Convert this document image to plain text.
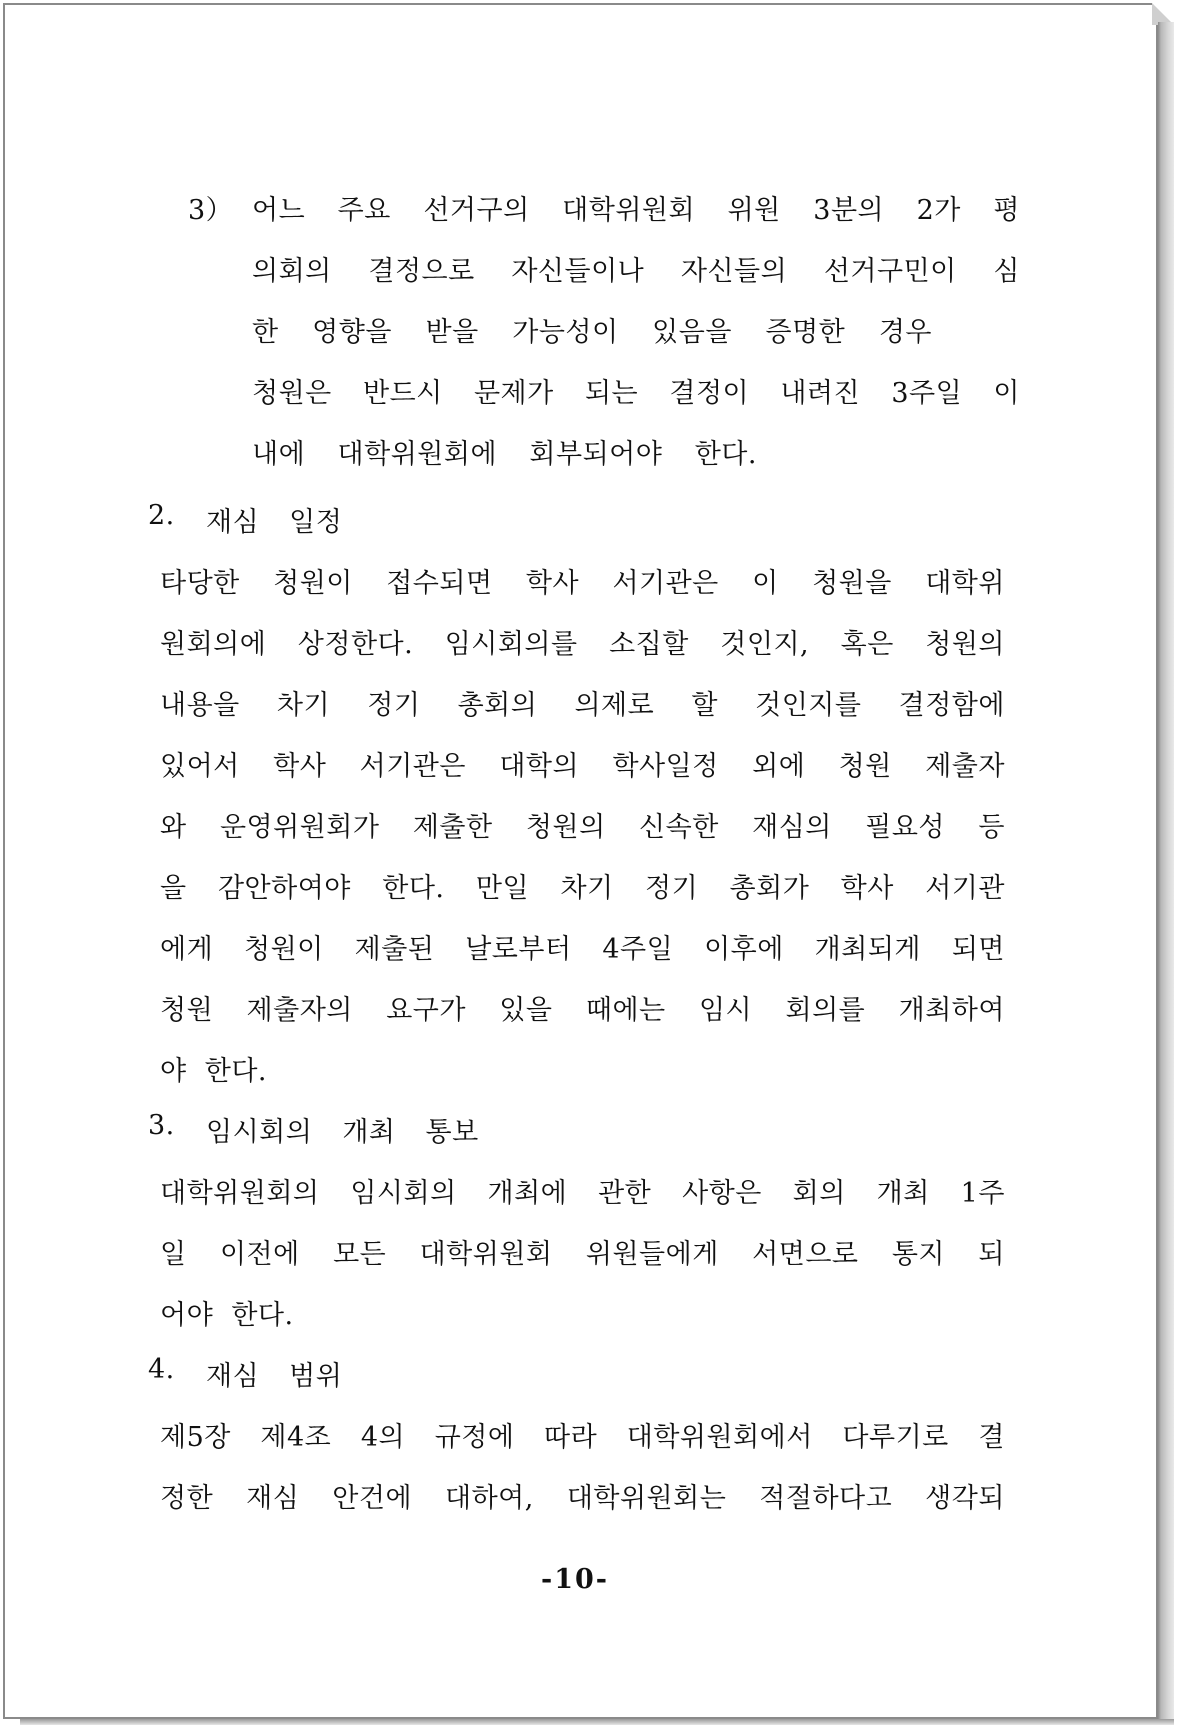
3） 어느 주요 선거구의 대학위원회 위원 3분의 2가 평
의회의 결정으로 자신들이나 자신들의 선거구민이 심
한 영향을 받을 가능성이 있음을 증명한 경우
청원은 반드시 문제가 되는 결정이 내려진 3주일 이
내에 대학위원회에 회부되어야 한다.
2.	재심 일정
타당한 청원이 접수되면 학사 서기관은 이 청원을 대학위
원회의에 상정한다. 임시회의를 소집할 것인지, 혹은 청원의
내용을 차기 정기 총회의 의제로 할 것인지를 결정함에
있어서 학사 서기관은 대학의 학사일정 외에 청원 제출자
와 운영위원회가 제출한 청원의 신속한 재심의 필요성 등
을 감안하여야 한다. 만일 차기 정기 총회가 학사 서기관
에게 청원이 제출된 날로부터 4주일 이후에 개최되게 되면
청원 제출자의 요구가 있을 때에는 임시 회의를 개최하여
야  한다.
3.	임시회의 개최 통보
대학위원회의 임시회의 개최에 관한 사항은 회의 개최 1주
일 이전에 모든 대학위원회 위원들에게 서면으로 통지 되
어야  한다.
4.	재심 범위
제5장 제4조 4의 규정에 따라 대학위원회에서 다루기로 결
정한 재심 안건에 대하여, 대학위원회는 적절하다고 생각되
-10-
